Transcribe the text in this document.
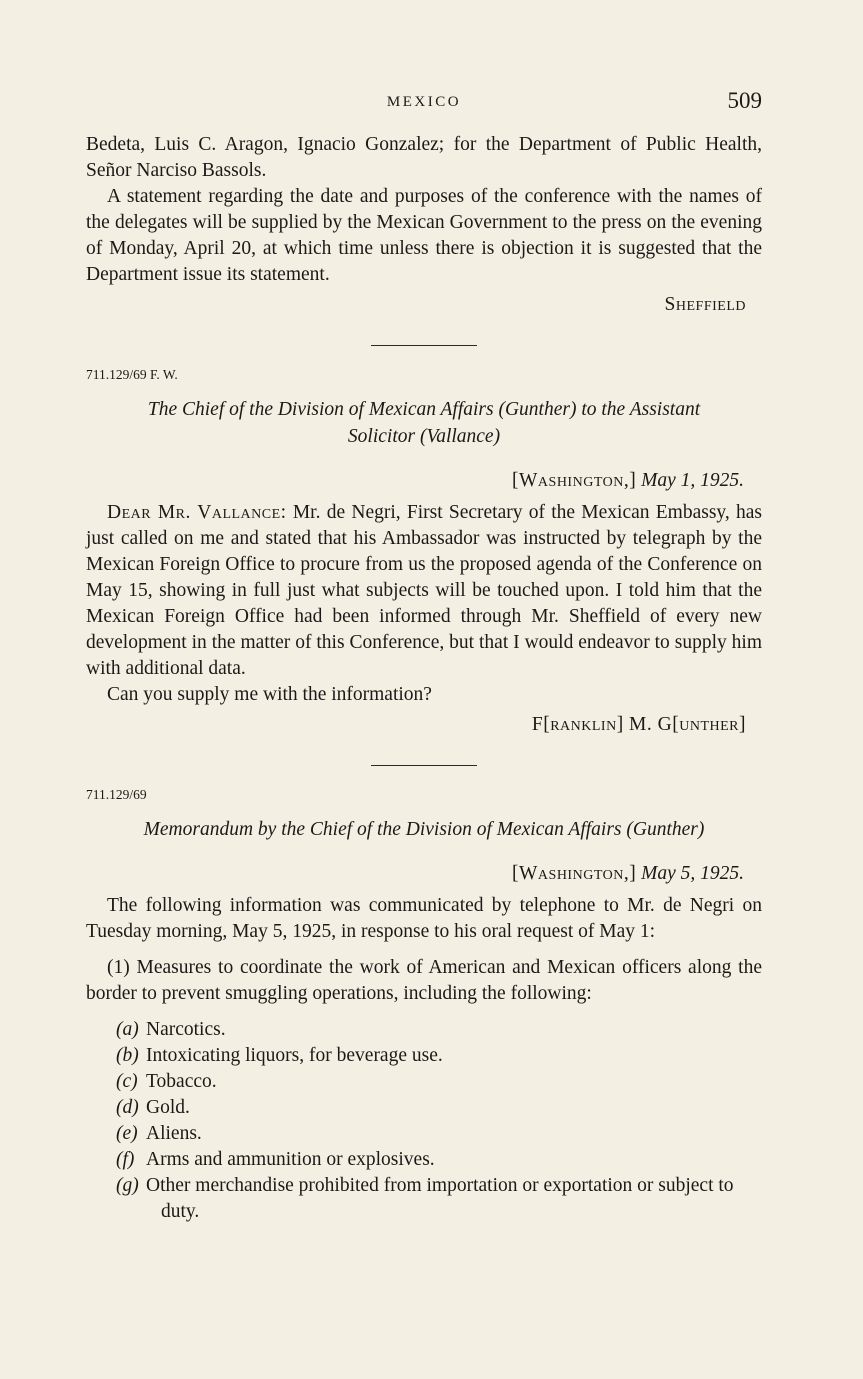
MEXICO	509

Bedeta, Luis C. Aragon, Ignacio Gonzalez; for the Department of Public Health, Señor Narciso Bassols.

A statement regarding the date and purposes of the conference with the names of the delegates will be supplied by the Mexican Government to the press on the evening of Monday, April 20, at which time unless there is objection it is suggested that the Department issue its statement.

Sheffield
711.129/69 F. W.
The Chief of the Division of Mexican Affairs (Gunther) to the Assistant Solicitor (Vallance)
[Washington,] May 1, 1925.

Dear Mr. Vallance: Mr. de Negri, First Secretary of the Mexican Embassy, has just called on me and stated that his Ambassador was instructed by telegraph by the Mexican Foreign Office to procure from us the proposed agenda of the Conference on May 15, showing in full just what subjects will be touched upon. I told him that the Mexican Foreign Office had been informed through Mr. Sheffield of every new development in the matter of this Conference, but that I would endeavor to supply him with additional data.

Can you supply me with the information?

F[ranklin] M. G[unther]
711.129/69
Memorandum by the Chief of the Division of Mexican Affairs (Gunther)
[Washington,] May 5, 1925.

The following information was communicated by telephone to Mr. de Negri on Tuesday morning, May 5, 1925, in response to his oral request of May 1:

(1) Measures to coordinate the work of American and Mexican officers along the border to prevent smuggling operations, including the following:

(a) Narcotics.
(b) Intoxicating liquors, for beverage use.
(c) Tobacco.
(d) Gold.
(e) Aliens.
(f) Arms and ammunition or explosives.
(g) Other merchandise prohibited from importation or exportation or subject to duty.
